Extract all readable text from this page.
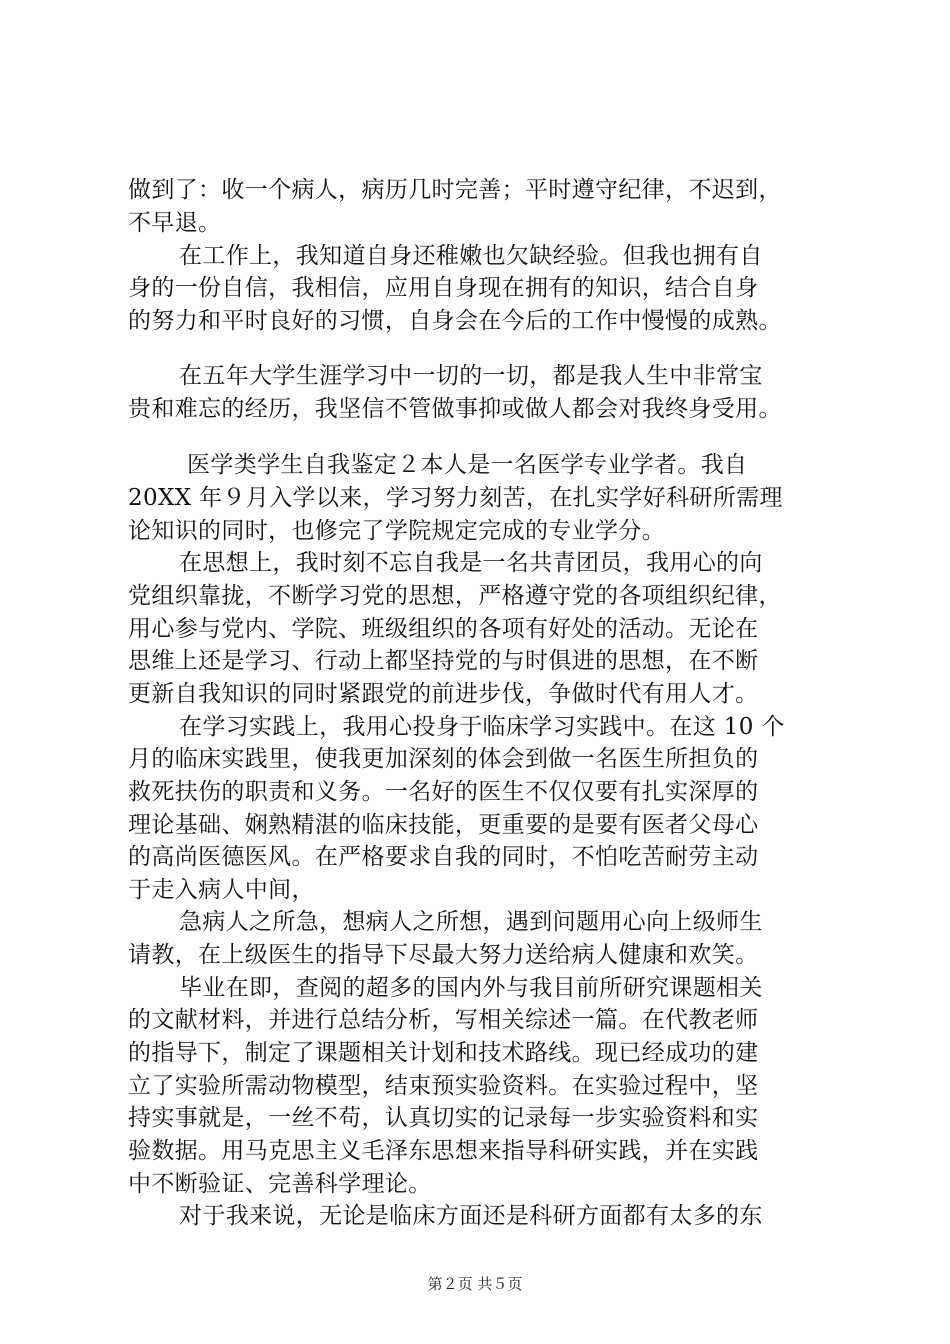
做到了：收一个病人，病历几时完善；平时遵守纪律，不迟到，
不早退。
在工作上，我知道自身还稚嫩也欠缺经验。但我也拥有自
身的一份自信，我相信，应用自身现在拥有的知识，结合自身
的努力和平时良好的习惯，自身会在今后的工作中慢慢的成熟。
在五年大学生涯学习中一切的一切，都是我人生中非常宝
贵和难忘的经历，我坚信不管做事抑或做人都会对我终身受用。
医学类学生自我鉴定２本人是一名医学专业学者。我自
20XX 年９月入学以来，学习努力刻苦，在扎实学好科研所需理
论知识的同时，也修完了学院规定完成的专业学分。
在思想上，我时刻不忘自我是一名共青团员，我用心的向
党组织靠拢，不断学习党的思想，严格遵守党的各项组织纪律，
用心参与党内、学院、班级组织的各项有好处的活动。无论在
思维上还是学习、行动上都坚持党的与时俱进的思想，在不断
更新自我知识的同时紧跟党的前进步伐，争做时代有用人才。
在学习实践上，我用心投身于临床学习实践中。在这 10 个
月的临床实践里，使我更加深刻的体会到做一名医生所担负的
救死扶伤的职责和义务。一名好的医生不仅仅要有扎实深厚的
理论基础、娴熟精湛的临床技能，更重要的是要有医者父母心
的高尚医德医风。在严格要求自我的同时，不怕吃苦耐劳主动
于走入病人中间，
急病人之所急，想病人之所想，遇到问题用心向上级师生
请教，在上级医生的指导下尽最大努力送给病人健康和欢笑。
毕业在即，查阅的超多的国内外与我目前所研究课题相关
的文献材料，并进行总结分析，写相关综述一篇。在代教老师
的指导下，制定了课题相关计划和技术路线。现已经成功的建
立了实验所需动物模型，结束预实验资料。在实验过程中，坚
持实事就是，一丝不苟，认真切实的记录每一步实验资料和实
验数据。用马克思主义毛泽东思想来指导科研实践，并在实践
中不断验证、完善科学理论。
对于我来说，无论是临床方面还是科研方面都有太多的东
第２页 共５页
